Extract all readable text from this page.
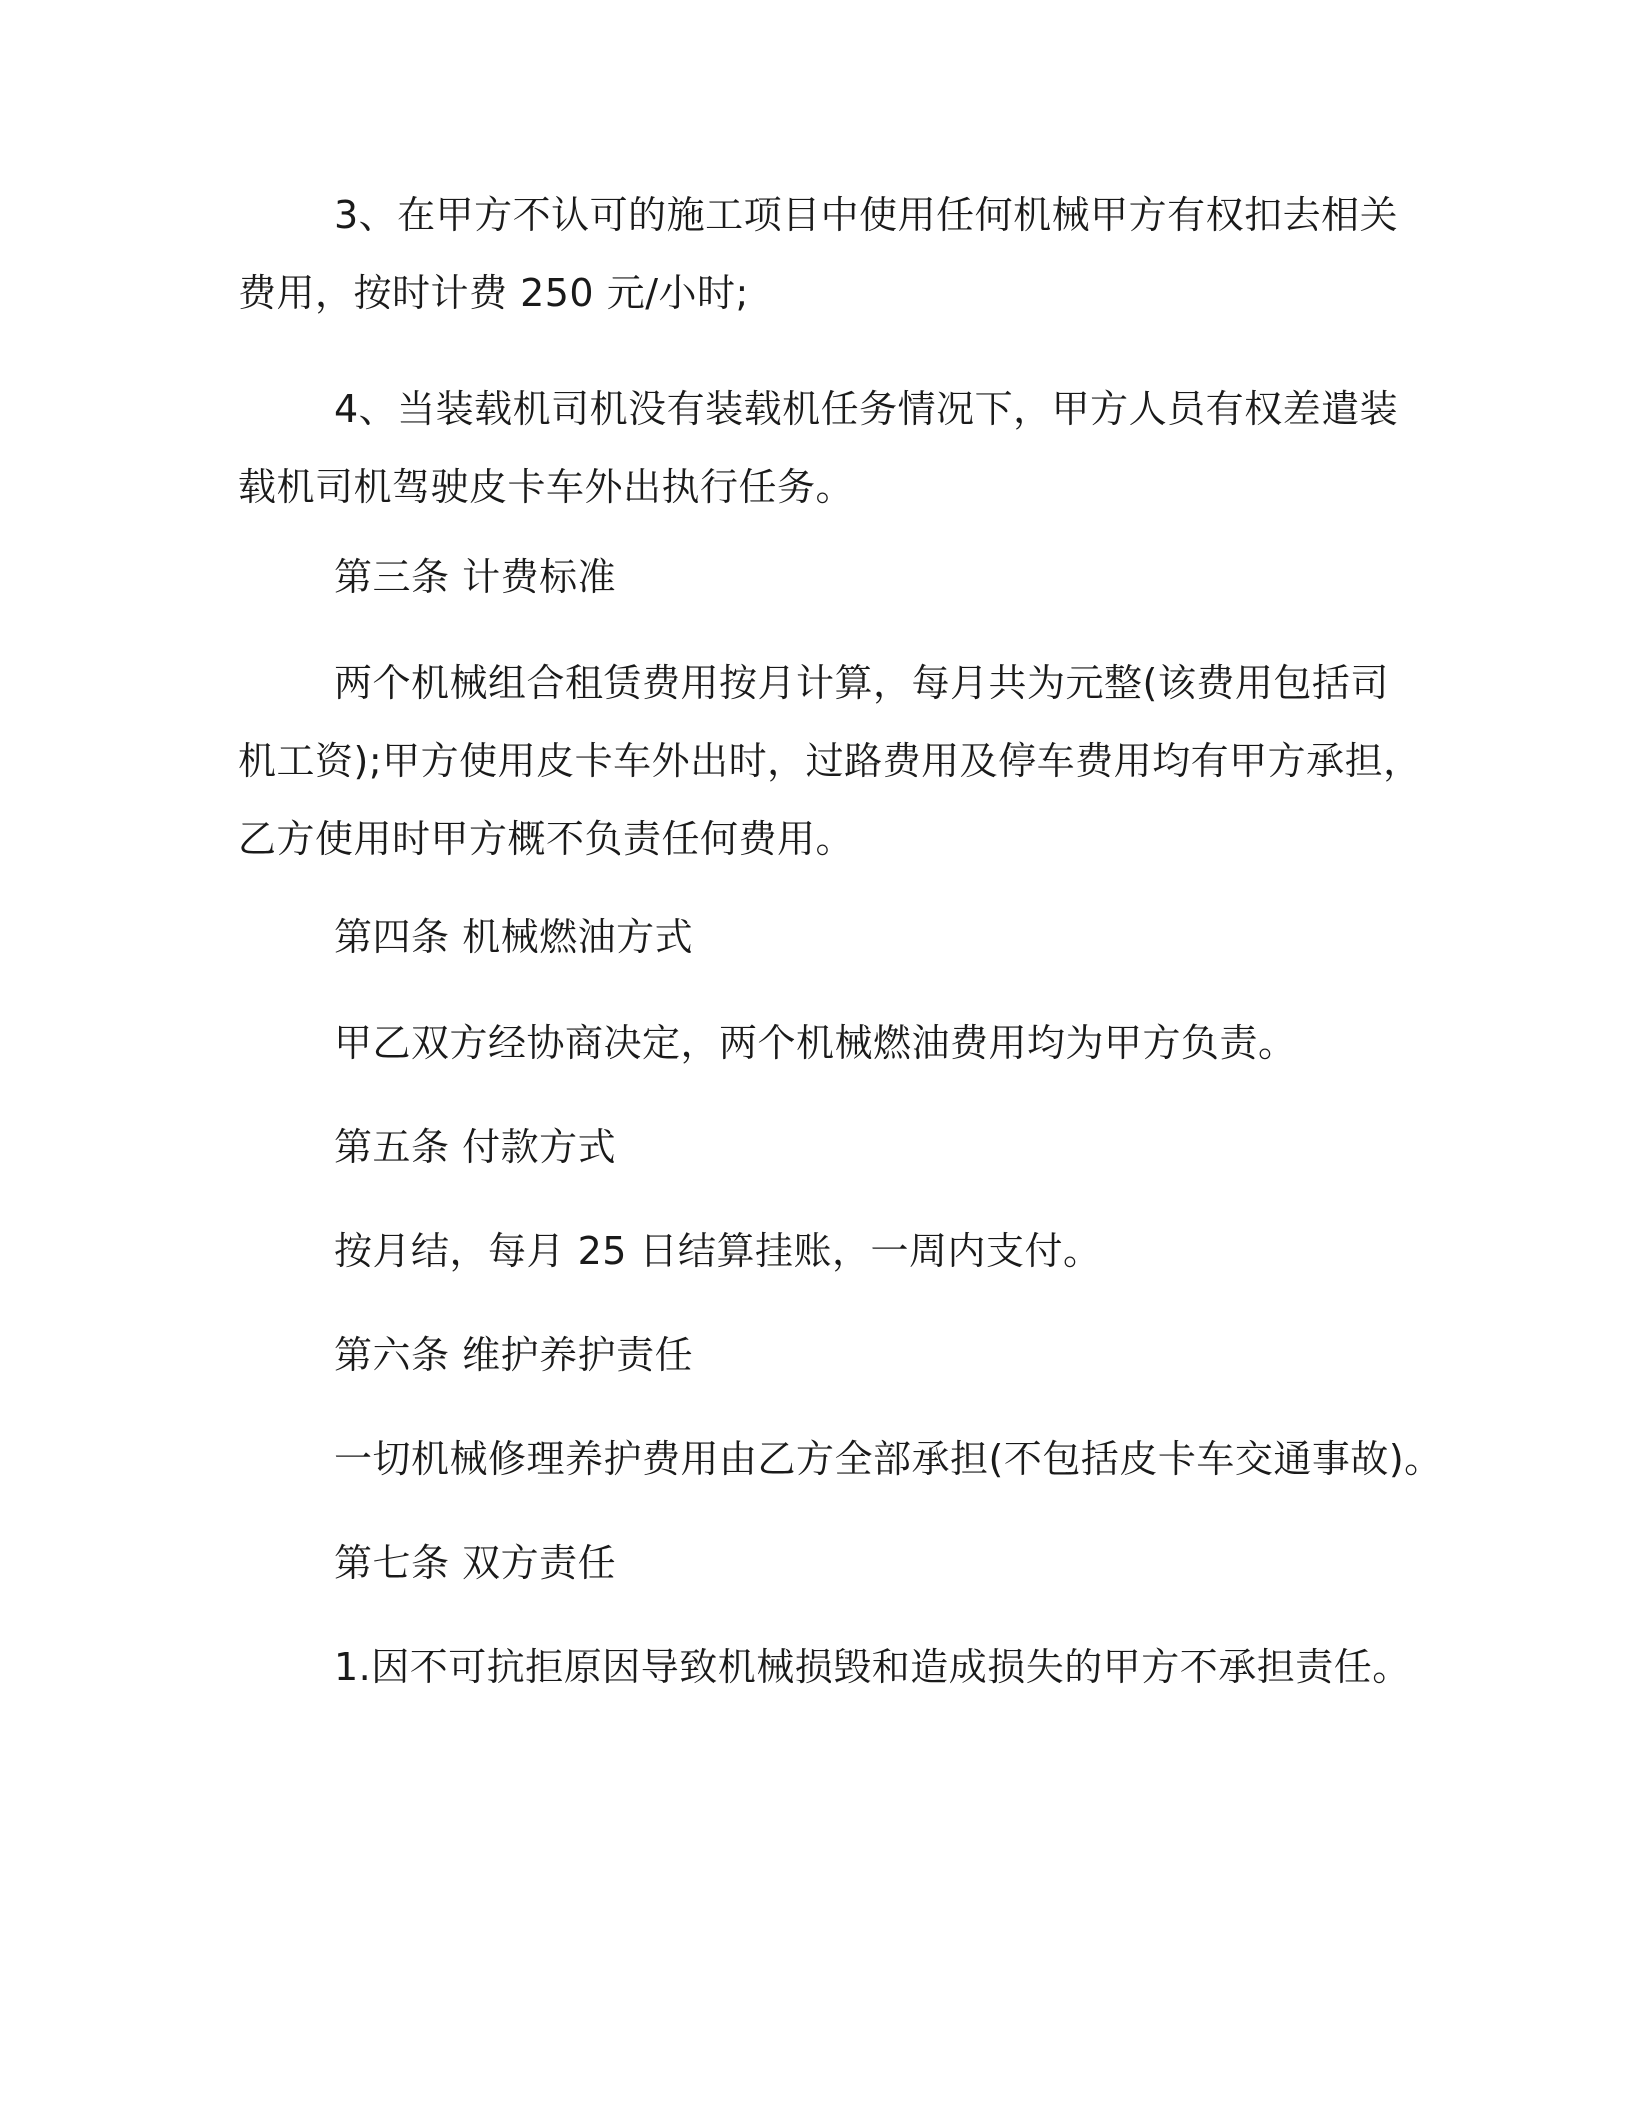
3、在甲方不认可的施工项目中使用任何机械甲方有权扣去相关
费用，按时计费 250 元/小时;
4、当装载机司机没有装载机任务情况下，甲方人员有权差遣装
载机司机驾驶皮卡车外出执行任务。
第三条 计费标准
两个机械组合租赁费用按月计算，每月共为元整(该费用包括司
机工资);甲方使用皮卡车外出时，过路费用及停车费用均有甲方承担，
乙方使用时甲方概不负责任何费用。
第四条 机械燃油方式
甲乙双方经协商决定，两个机械燃油费用均为甲方负责。
第五条 付款方式
按月结，每月 25 日结算挂账，一周内支付。
第六条 维护养护责任
一切机械修理养护费用由乙方全部承担(不包括皮卡车交通事故)。
第七条 双方责任
1.因不可抗拒原因导致机械损毁和造成损失的甲方不承担责任。
